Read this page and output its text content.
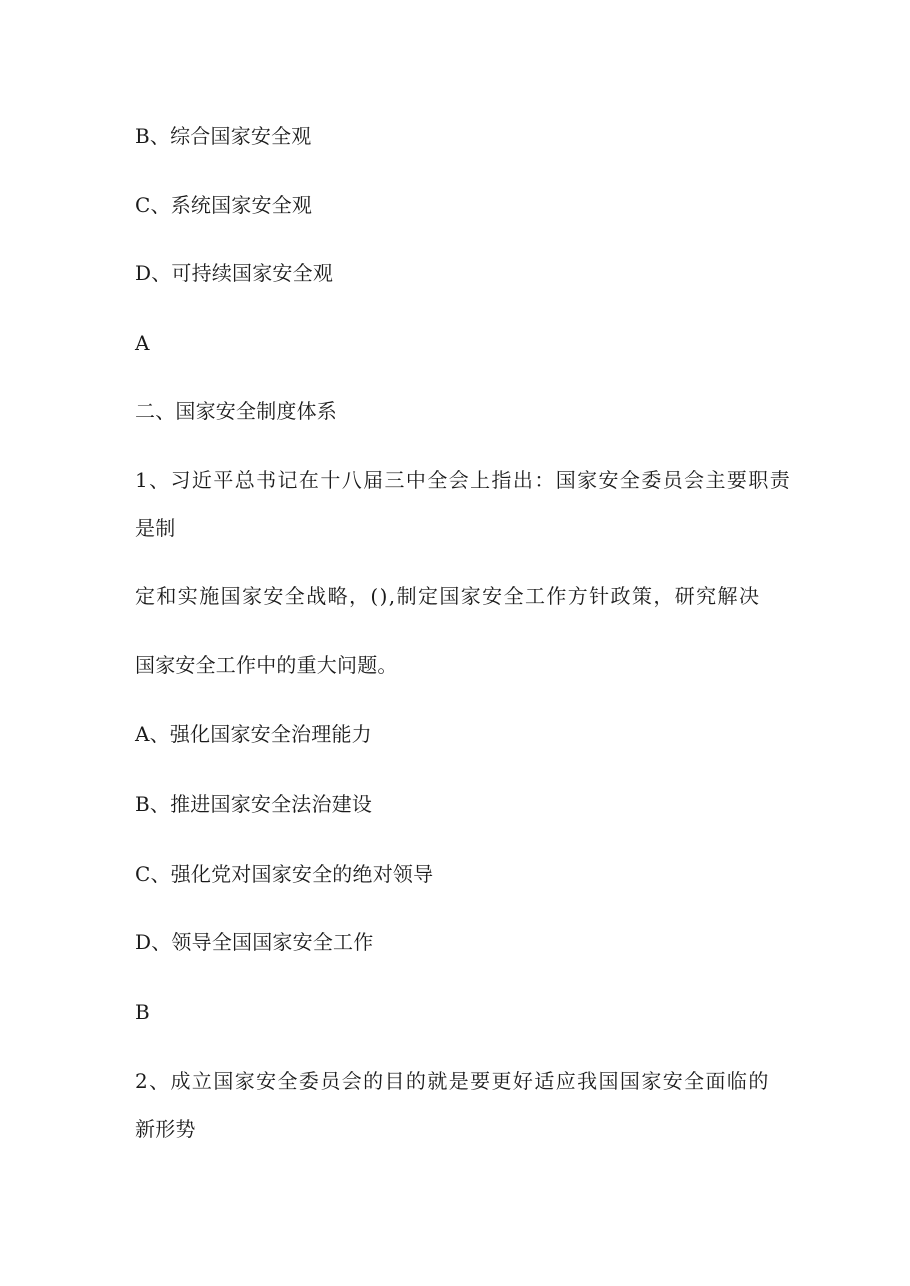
B、综合国家安全观
C、系统国家安全观
D、可持续国家安全观
A
二、国家安全制度体系
1、习近平总书记在十八届三中全会上指出：国家安全委员会主要职责
是制
定和实施国家安全战略，(),制定国家安全工作方针政策，研究解决
国家安全工作中的重大问题。
A、强化国家安全治理能力
B、推进国家安全法治建设
C、强化党对国家安全的绝对领导
D、领导全国国家安全工作
B
2、成立国家安全委员会的目的就是要更好适应我国国家安全面临的
新形势
